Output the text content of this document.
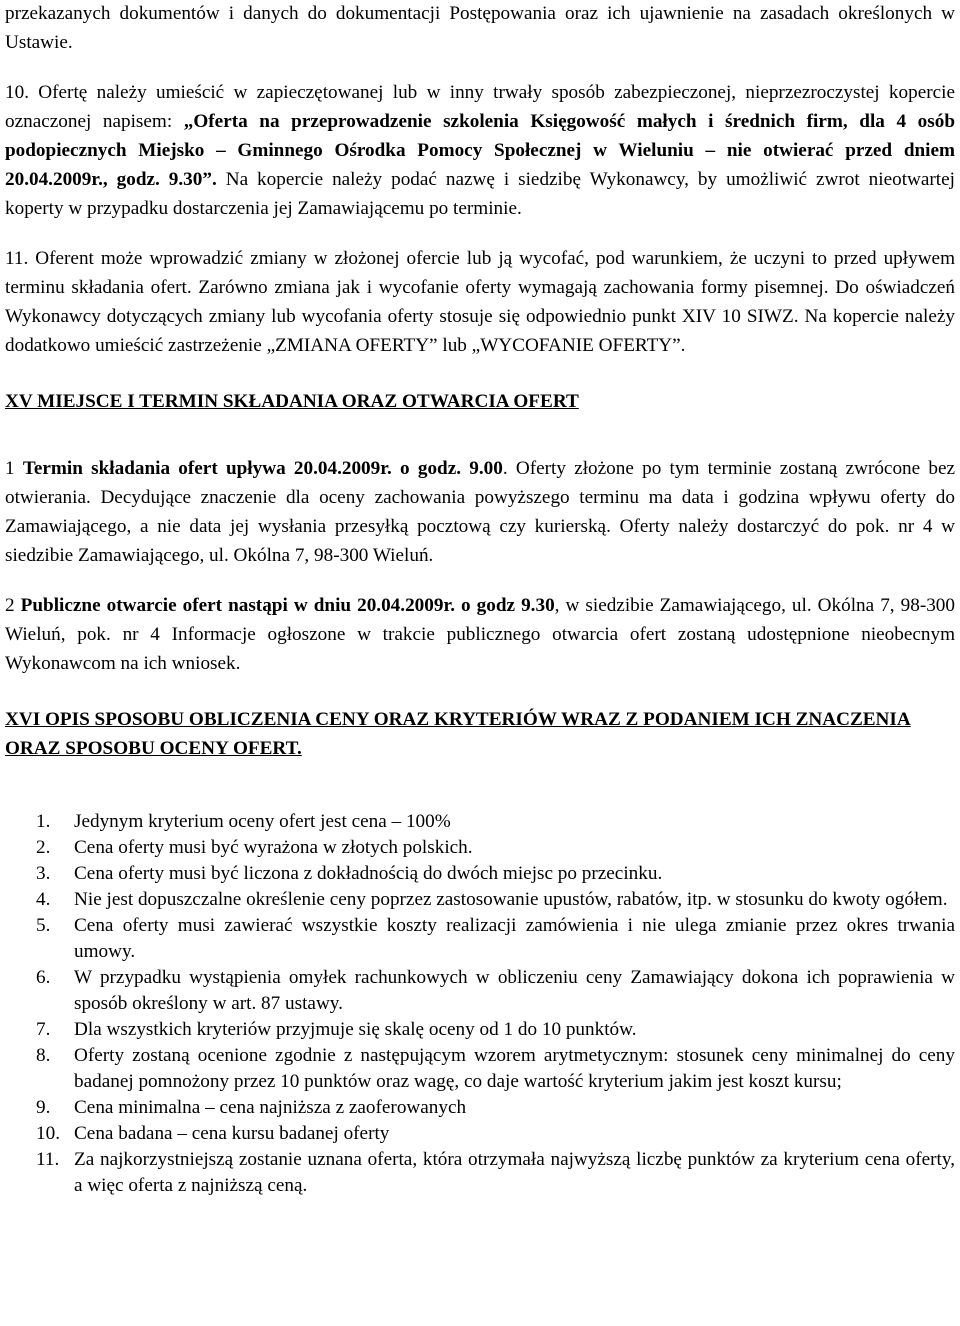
przekazanych dokumentów i danych do dokumentacji Postępowania oraz ich ujawnienie na zasadach określonych w Ustawie.

10. Ofertę należy umieścić w zapieczętowanej lub w inny trwały sposób zabezpieczonej, nieprzezroczystej kopercie oznaczonej napisem: „Oferta na przeprowadzenie szkolenia Księgowość małych i średnich firm, dla 4 osób podopiecznych Miejsko – Gminnego Ośrodka Pomocy Społecznej w Wieluniu – nie otwierać przed dniem 20.04.2009r., godz. 9.30”. Na kopercie należy podać nazwę i siedzibę Wykonawcy, by umożliwić zwrot nieotwartej koperty w przypadku dostarczenia jej Zamawiającemu po terminie.

11. Oferent może wprowadzić zmiany w złożonej ofercie lub ją wycofać, pod warunkiem, że uczyni to przed upływem terminu składania ofert. Zarówno zmiana jak i wycofanie oferty wymagają zachowania formy pisemnej. Do oświadczeń Wykonawcy dotyczących zmiany lub wycofania oferty stosuje się odpowiednio punkt XIV 10 SIWZ. Na kopercie należy dodatkowo umieścić zastrzeżenie „ZMIANA OFERTY” lub „WYCOFANIE OFERTY”.

XV MIEJSCE I TERMIN SKŁADANIA ORAZ OTWARCIA OFERT

1 Termin składania ofert upływa 20.04.2009r. o godz. 9.00. Oferty złożone po tym terminie zostaną zwrócone bez otwierania. Decydujące znaczenie dla oceny zachowania powyższego terminu ma data i godzina wpływu oferty do Zamawiającego, a nie data jej wysłania przesyłką pocztową czy kurierską. Oferty należy dostarczyć do pok. nr 4 w siedzibie Zamawiającego, ul. Okólna 7, 98-300 Wieluń.

2 Publiczne otwarcie ofert nastąpi w dniu 20.04.2009r. o godz 9.30, w siedzibie Zamawiającego, ul. Okólna 7, 98-300 Wieluń, pok. nr 4 Informacje ogłoszone w trakcie publicznego otwarcia ofert zostaną udostępnione nieobecnym Wykonawcom na ich wniosek.

XVI OPIS SPOSOBU OBLICZENIA CENY ORAZ KRYTERIÓW WRAZ Z PODANIEM ICH ZNACZENIA ORAZ SPOSOBU OCENY OFERT.

1. Jedynym kryterium oceny ofert jest cena – 100%
2. Cena oferty musi być wyrażona w złotych polskich.
3. Cena oferty musi być liczona z dokładnością do dwóch miejsc po przecinku.
4. Nie jest dopuszczalne określenie ceny poprzez zastosowanie upustów, rabatów, itp. w stosunku do kwoty ogółem.
5. Cena oferty musi zawierać wszystkie koszty realizacji zamówienia i nie ulega zmianie przez okres trwania umowy.
6. W przypadku wystąpienia omyłek rachunkowych w obliczeniu ceny Zamawiający dokona ich poprawienia w sposób określony w art. 87 ustawy.
7. Dla wszystkich kryteriów przyjmuje się skalę oceny od 1 do 10 punktów.
8. Oferty zostaną ocenione zgodnie z następującym wzorem arytmetycznym: stosunek ceny minimalnej do ceny badanej pomnożony przez 10 punktów oraz wagę, co daje wartość kryterium jakim jest koszt kursu;
9. Cena minimalna – cena najniższa z zaoferowanych
10. Cena badana – cena kursu badanej oferty
11. Za najkorzystniejszą zostanie uznana oferta, która otrzymała najwyższą liczbę punktów za kryterium cena oferty, a więc oferta z najniższą ceną.
